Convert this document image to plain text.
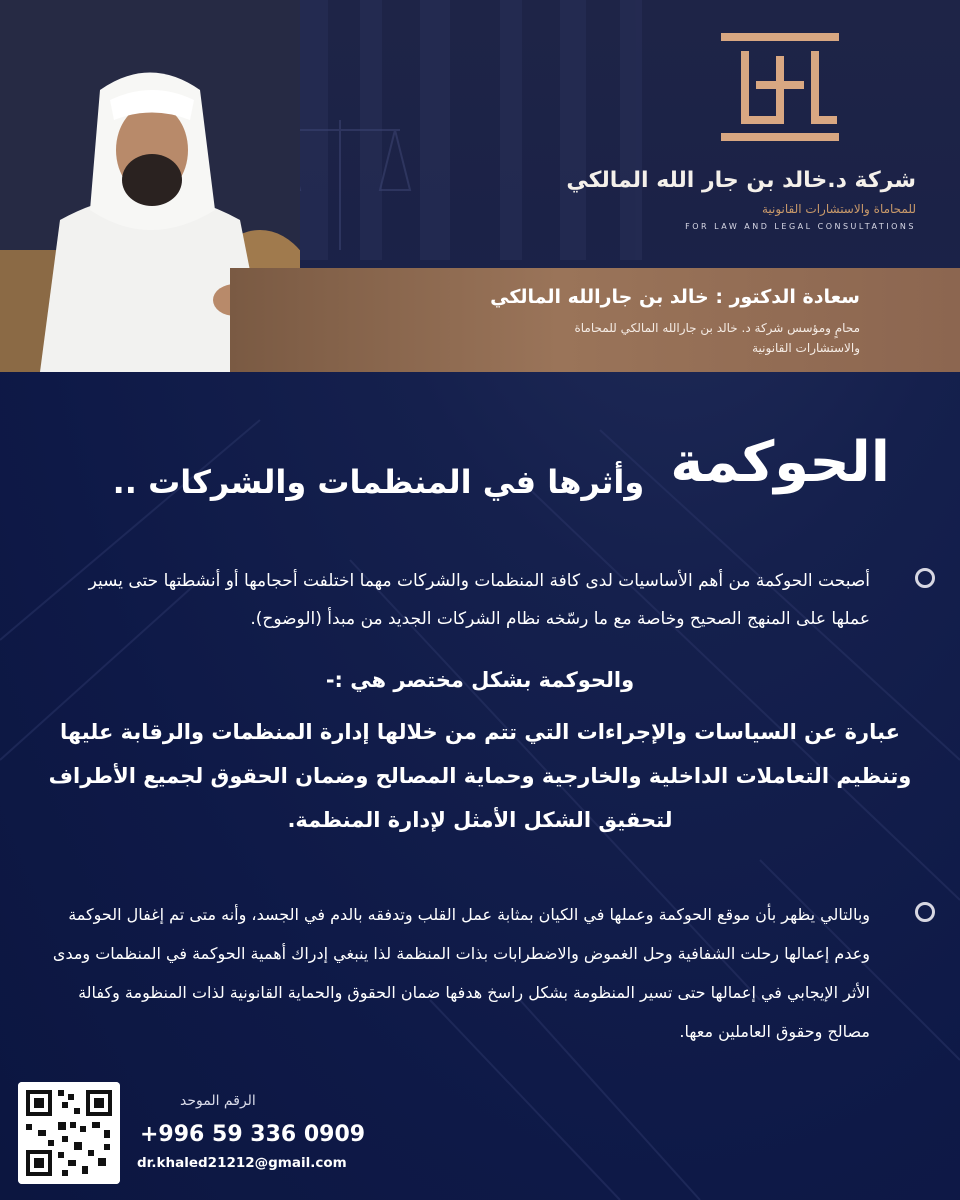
شركة د.خالد بن جار الله المالكي
للمحاماة والاستشارات القانونية
FOR LAW AND LEGAL CONSULTATIONS
سعادة الدكتور : خالد بن جارالله المالكي
محامٍ ومؤسس شركة د. خالد بن جارالله المالكي للمحاماة والاستشارات القانونية
الحوكمةوأثرها في المنظمات والشركات ..
أصبحت الحوكمة من أهم الأساسيات لدى كافة المنظمات والشركات مهما اختلفت أحجامها أو أنشطتها حتى يسير عملها على المنهج الصحيح وخاصة مع ما رسّخه نظام الشركات الجديد من مبدأ (الوضوح).
والحوكمة بشكل مختصر هي :-
عبارة عن السياسات والإجراءات التي تتم من خلالها إدارة المنظمات والرقابة عليها وتنظيم التعاملات الداخلية والخارجية وحماية المصالح وضمان الحقوق لجميع الأطراف لتحقيق الشكل الأمثل لإدارة المنظمة.
وبالتالي يظهر بأن موقع الحوكمة وعملها في الكيان بمثابة عمل القلب وتدفقه بالدم في الجسد، وأنه متى تم إغفال الحوكمة وعدم إعمالها رحلت الشفافية وحل الغموض والاضطرابات بذات المنظمة لذا ينبغي إدراك أهمية الحوكمة في المنظمات ومدى الأثر الإيجابي في إعمالها حتى تسير المنظومة بشكل راسخ هدفها ضمان الحقوق والحماية القانونية لذات المنظومة وكفالة مصالح وحقوق العاملين معها.
الرقم الموحد
+996 59 336 0909
dr.khaled21212@gmail.com
